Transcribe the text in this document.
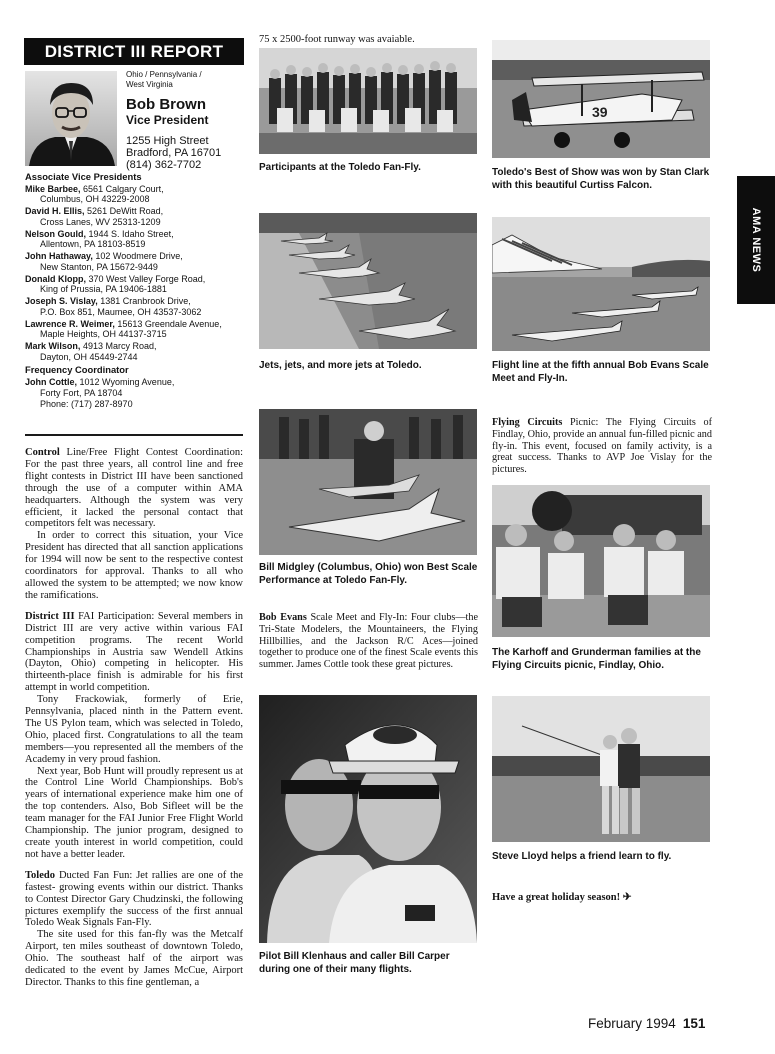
DISTRICT III REPORT
Ohio / Pennsylvania /
West Virginia
Bob Brown
Vice President
1255 High Street
Bradford, PA 16701
(814) 362-7702
Associate Vice Presidents
Mike Barbee, 6561 Calgary Court,
Columbus, OH 43229-2008
David H. Ellis, 5261 DeWitt Road,
Cross Lanes, WV 25313-1209
Nelson Gould, 1944 S. Idaho Street,
Allentown, PA 18103-8519
John Hathaway, 102 Woodmere Drive,
New Stanton, PA 15672-9449
Donald Klopp, 370 West Valley Forge Road,
King of Prussia, PA 19406-1881
Joseph S. Vislay, 1381 Cranbrook Drive,
P.O. Box 851, Maumee, OH 43537-3062
Lawrence R. Weimer, 15613 Greendale Avenue,
Maple Heights, OH 44137-3715
Mark Wilson, 4913 Marcy Road,
Dayton, OH 45449-2744
Frequency Coordinator
John Cottle, 1012 Wyoming Avenue,
Forty Fort, PA 18704
Phone: (717) 287-8970

Control Line/Free Flight Contest Coordination: For the past three years, all control line and free flight contests in District III have been sanctioned through the use of a computer within AMA headquarters. Although the system was very efficient, it lacked the personal contact that competitors felt was necessary.

In order to correct this situation, your Vice President has directed that all sanction applications for 1994 will now be sent to the respective contest coordinators for approval. Thanks to all who allowed the system to be attempted; we now know the ramifications.

District III FAI Participation: Several members in District III are very active within various FAI competition programs. The recent World Championships in Austria saw Wendell Atkins (Dayton, Ohio) competing in helicopter. His thirteenth-place finish is admirable for his first attempt in world competition.

Tony Frackowiak, formerly of Erie, Pennsylvania, placed ninth in the Pattern event. The US Pylon team, which was selected in Toledo, Ohio, placed first. Congratulations to all the team members—you represented all the members of the Academy in very proud fashion.

Next year, Bob Hunt will proudly represent us at the Control Line World Championships. Bob's years of international experience make him one of the top contenders. Also, Bob Sifleet will be the team manager for the FAI Junior Free Flight World Championship. The junior program, designed to create youth interest in world competition, could not have a better leader.

Toledo Ducted Fan Fun: Jet rallies are one of the fastest- growing events within our district. Thanks to Contest Director Gary Chudzinski, the following pictures exemplify the success of the first annual Toledo Weak Signals Fan-Fly.

The site used for this fan-fly was the Metcalf Airport, ten miles southeast of downtown Toledo, Ohio. The southeast half of the airport was dedicated to the event by James McCue, Airport Director. Thanks to this fine gentleman, a

75 x 2500-foot runway was avaiable.
Participants at the Toledo Fan-Fly.
Jets, jets, and more jets at Toledo.
Bill Midgley (Columbus, Ohio) won Best Scale Performance at Toledo Fan-Fly.
Bob Evans Scale Meet and Fly-In: Four clubs—the Tri-State Modelers, the Mountaineers, the Flying Hillbillies, and the Jackson R/C Aces—joined together to produce one of the finest Scale events this summer. James Cottle took these great pictures.
Pilot Bill Klenhaus and caller Bill Carper during one of their many flights.
39
Toledo's Best of Show was won by Stan Clark with this beautiful Curtiss Falcon.
AMA NEWS
Flight line at the fifth annual Bob Evans Scale Meet and Fly-In.
Flying Circuits Picnic: The Flying Circuits of Findlay, Ohio, provide an annual fun-filled picnic and fly-in. This event, focused on family activity, is a great success. Thanks to AVP Joe Vislay for the pictures.
The Karhoff and Grunderman families at the Flying Circuits picnic, Findlay, Ohio.
Steve Lloyd helps a friend learn to fly.
Have a great holiday season! ✈
February 1994 151
